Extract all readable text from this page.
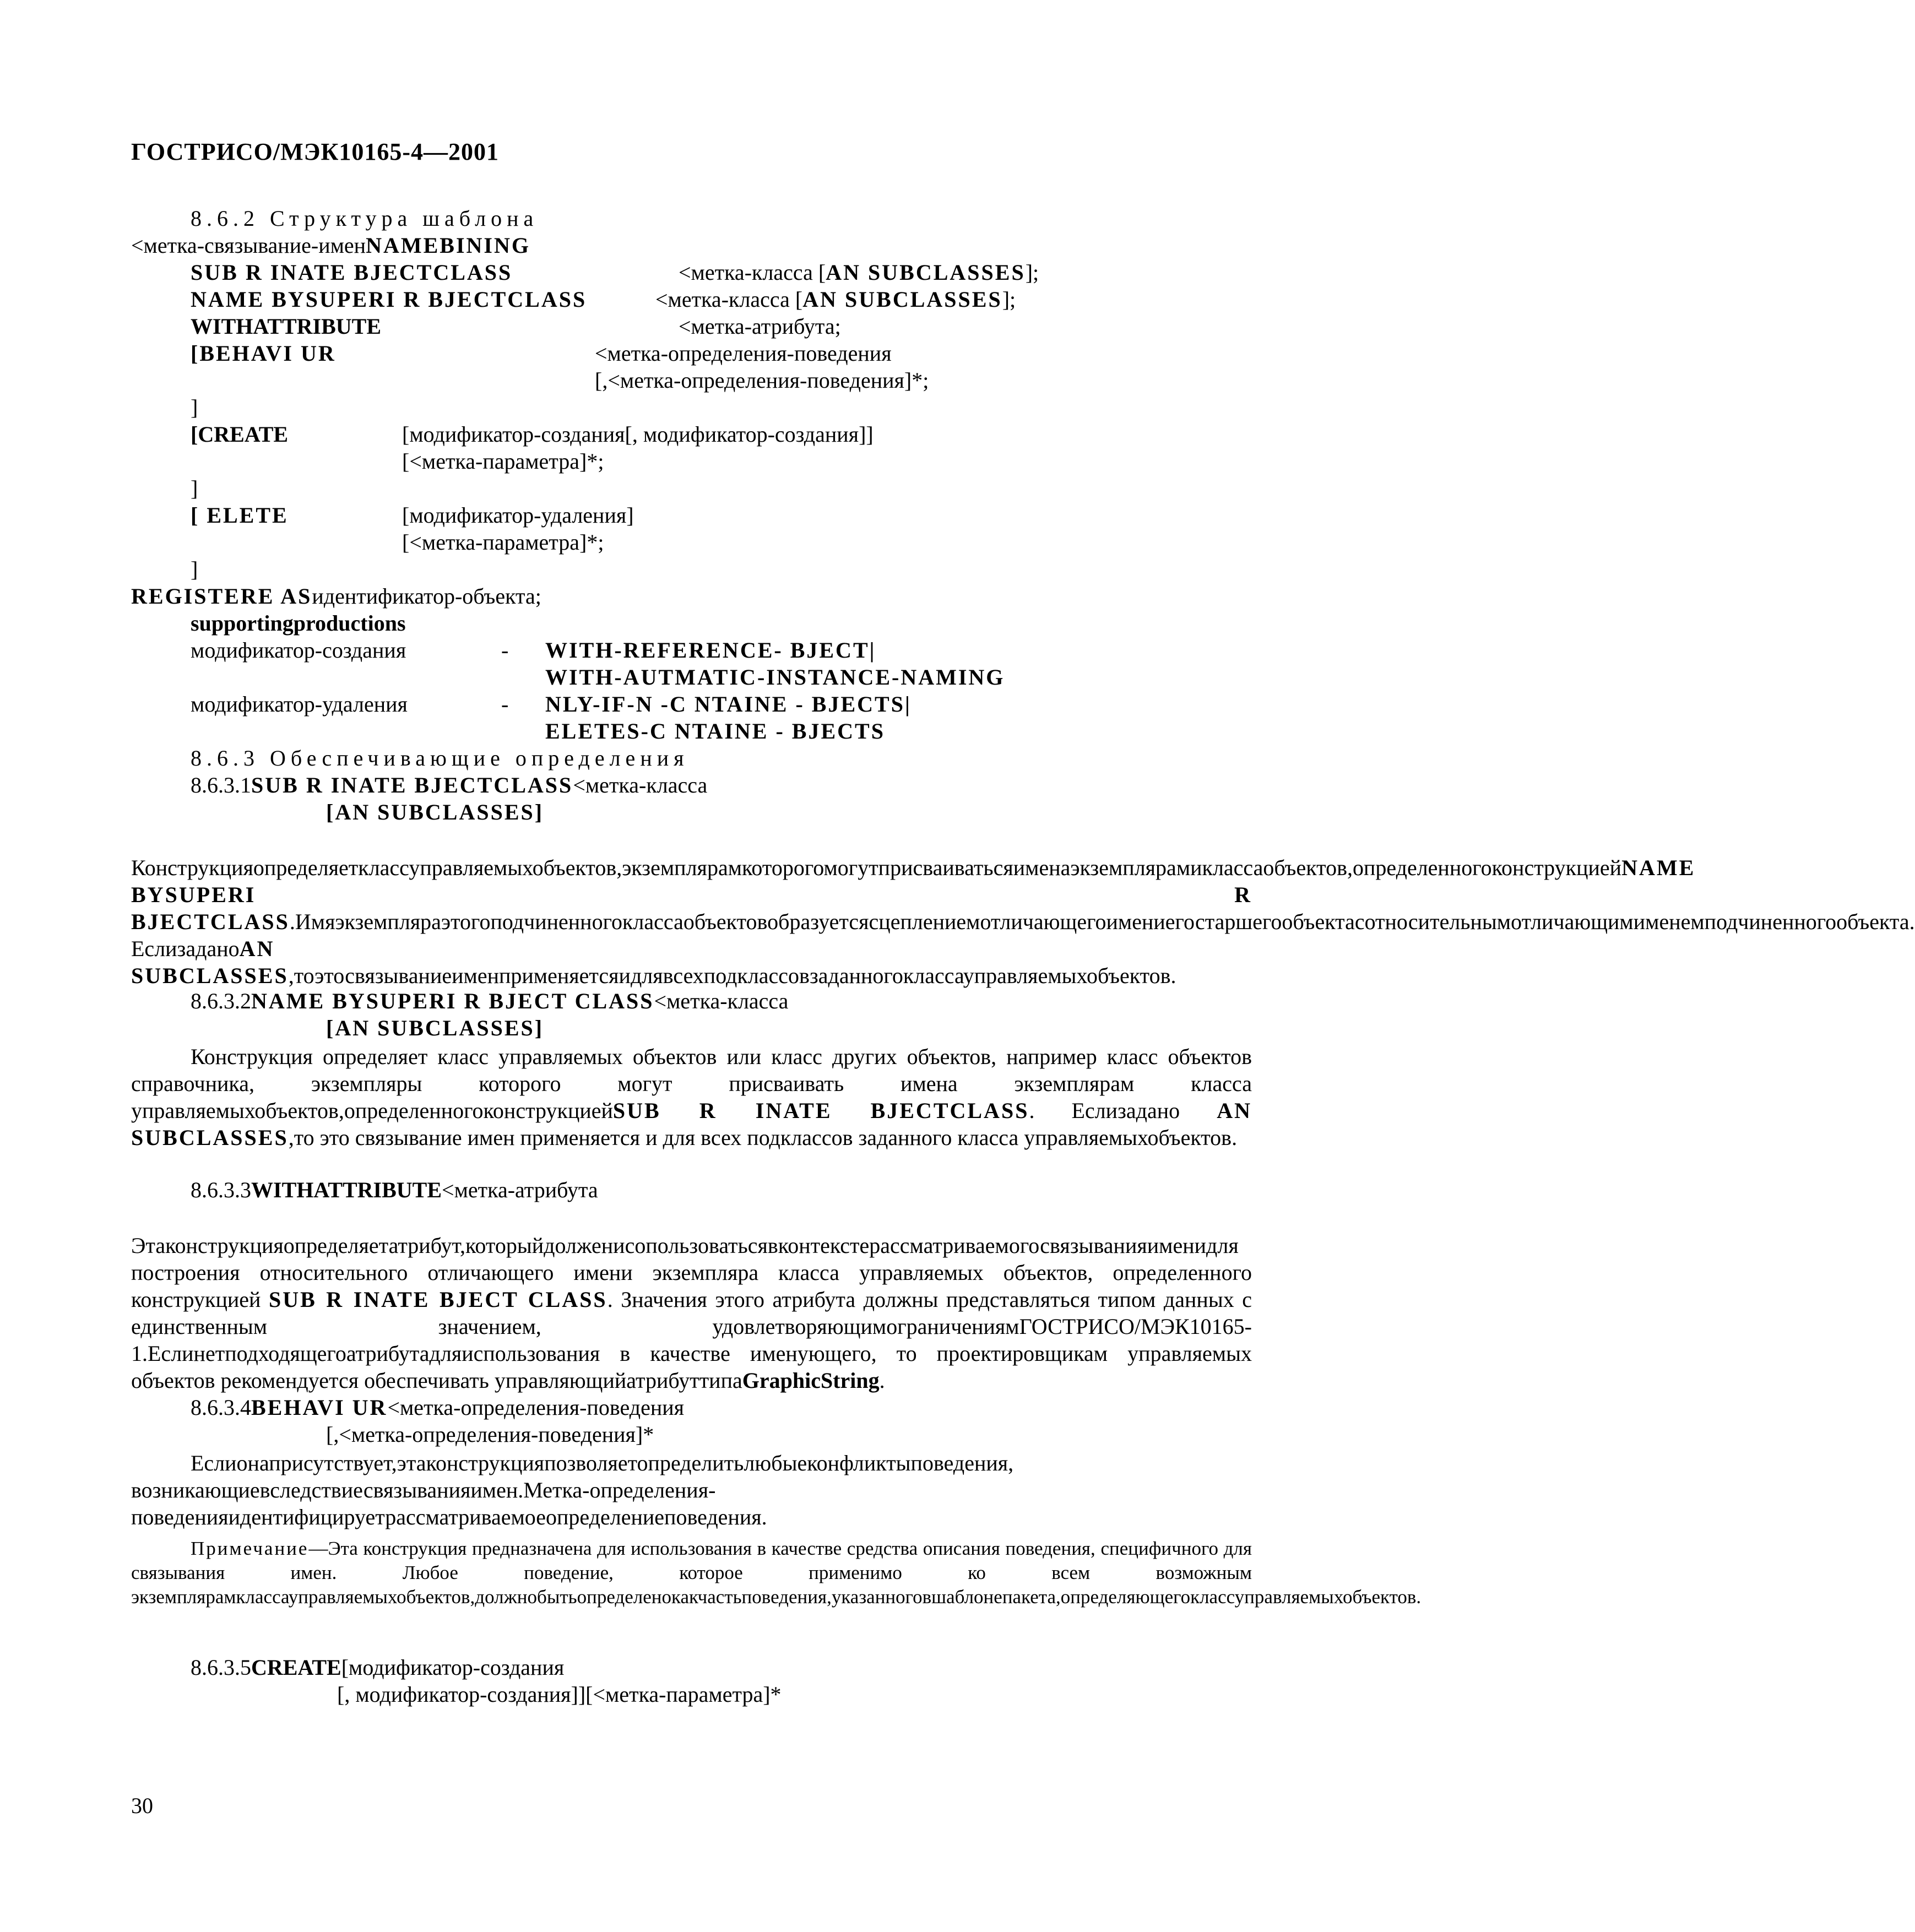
ГОСТРИСО/МЭК10165-4—2001
8.6.2 Структура шаблона
<метка-связывание-именNAMEBINING
SUB R INATE BJECTCLASS	<метка-класса [AN SUBCLASSES];
NAME BYSUPERI R BJECTCLASS	<метка-класса [AN SUBCLASSES];
WITHATTRIBUTE	<метка-атрибута;
[BEHAVI UR	<метка-определения-поведения
[,<метка-определения-поведения]*;
]
[CREATE	[модификатор-создания[, модификатор-создания]]
[<метка-параметра]*;
]
[ ELETE	[модификатор-удаления]
[<метка-параметра]*;
]
REGISTERE ASидентификатор-объекта;
supportingproductions
модификатор-создания	- WITH-REFERENCE- BJECT|
WITH-AUTMATIC-INSTANCE-NAMING
модификатор-удаления	- NLY-IF-N -C NTAINE - BJECTS|
ELETES-C NTAINE - BJECTS
8.6.3 Обеспечивающие определения
8.6.3.1SUB R INATE BJECTCLASS<метка-класса
[AN SUBCLASSES]
Конструкцияопределяетклассуправляемыхобъектов,экземплярамкоторогомогутприсваиватьсяименаэкземплярамиклассаобъектов,определенногоконструкциейNAME BYSUPERI R BJECTCLASS.Имяэкземпляраэтогоподчиненногоклассаобъектовобразуетсясцеплениемотличающегоимениегостаршегообъектасотносительнымотличающимименемподчиненногообъекта. ЕслизаданоAN SUBCLASSES,тоэтосвязываниеименприменяетсяидлявсехподклассовзаданногоклассауправляемыхобъектов.
8.6.3.2NAME BYSUPERI R BJECT CLASS<метка-класса
[AN SUBCLASSES]
Конструкция определяет класс управляемых объектов или класс других объектов, например класс объектов справочника, экземпляры которого могут присваивать имена экземплярам класса управляемыхобъектов,определенногоконструкциейSUB R INATE BJECTCLASS. Еслизадано AN SUBCLASSES,то это связывание имен применяется и для всех подклассов заданного класса управляемыхобъектов.
8.6.3.3WITHATTRIBUTE<метка-атрибута
Этаконструкцияопределяетатрибут,которыйдолженисопользоватьсявконтекстерассматриваемогосвязыванияименидля построения относительного отличающего имени экземпляра класса управляемых объектов, определенного конструкцией SUB R INATE BJECT CLASS. Значения этого атрибута должны представляться типом данных с единственным значением, удовлетворяющимограничениямГОСТРИСО/МЭК10165-1.Еслинетподходящегоатрибутадляиспользования в качестве именующего, то проектировщикам управляемых объектов рекомендуется обеспечивать управляющийатрибуттипаGraphicString.
8.6.3.4BEHAVI UR<метка-определения-поведения
[,<метка-определения-поведения]*
Еслионаприсутствует,этаконструкцияпозволяетопределитьлюбыеконфликтыповедения, возникающиевследствиесвязыванияимен.Метка-определения-поведенияидентифицируетрассматриваемоеопределениеповедения.
Примечание—Эта конструкция предназначена для использования в качестве средства описания поведения, специфичного для связывания имен. Любое поведение, которое применимо ко всем возможным экземплярамклассауправляемыхобъектов,должнобытьопределенокакчастьповедения,указанноговшаблонепакета,определяющегоклассуправляемыхобъектов.
8.6.3.5CREATE[модификатор-создания
[, модификатор-создания]][<метка-параметра]*
30
